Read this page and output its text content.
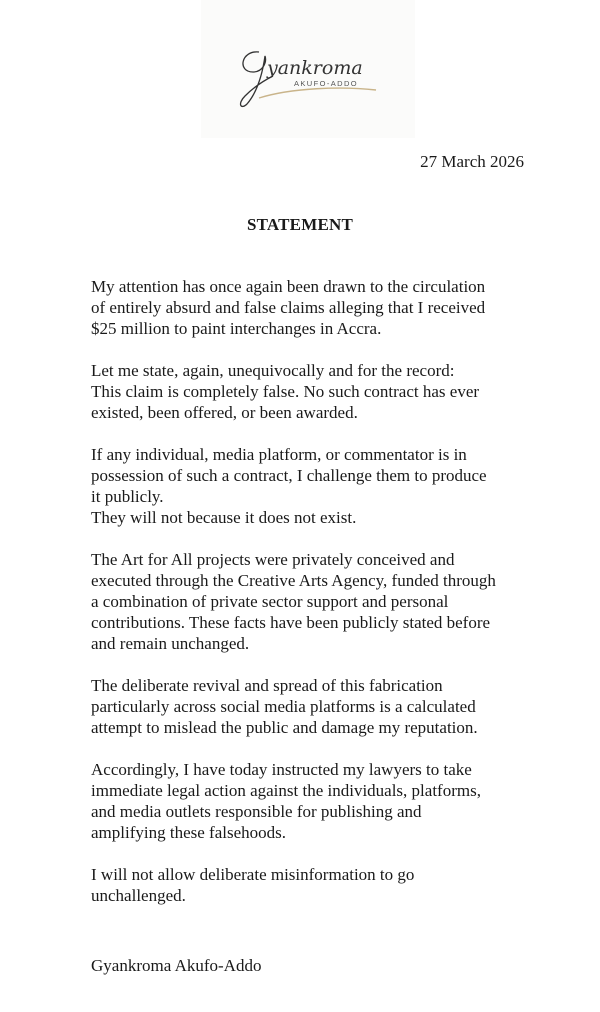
yankroma
AKUFO-ADDO
27 March 2026
STATEMENT

My attention has once again been drawn to the circulation
of entirely absurd and false claims alleging that I received
$25 million to paint interchanges in Accra.

Let me state, again, unequivocally and for the record:
This claim is completely false. No such contract has ever
existed, been offered, or been awarded.

If any individual, media platform, or commentator is in
possession of such a contract, I challenge them to produce
it publicly.
They will not because it does not exist.

The Art for All projects were privately conceived and
executed through the Creative Arts Agency, funded through
a combination of private sector support and personal
contributions. These facts have been publicly stated before
and remain unchanged.

The deliberate revival and spread of this fabrication
particularly across social media platforms is a calculated
attempt to mislead the public and damage my reputation.

Accordingly, I have today instructed my lawyers to take
immediate legal action against the individuals, platforms,
and media outlets responsible for publishing and
amplifying these falsehoods.

I will not allow deliberate misinformation to go
unchallenged.

Gyankroma Akufo-Addo
